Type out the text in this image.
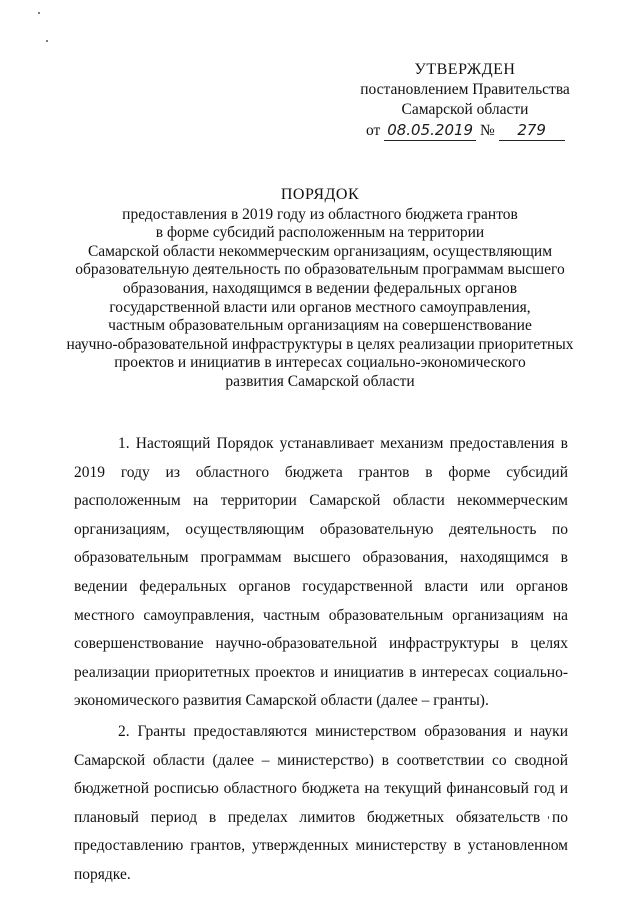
УТВЕРЖДЕН
постановлением Правительства
Самарской области
от 08.05.2019 № 279
ПОРЯДОК
предоставления в 2019 году из областного бюджета грантов
в форме субсидий расположенным на территории
Самарской области некоммерческим организациям, осуществляющим
образовательную деятельность по образовательным программам высшего
образования, находящимся в ведении федеральных органов
государственной власти или органов местного самоуправления,
частным образовательным организациям на совершенствование
научно-образовательной инфраструктуры в целях реализации приоритетных
проектов и инициатив в интересах социально-экономического
развития Самарской области

1. Настоящий Порядок устанавливает механизм предоставления в 2019 году из областного бюджета грантов в форме субсидий расположенным на территории Самарской области некоммерческим организациям, осуществляющим образовательную деятельность по образовательным программам высшего образования, находящимся в ведении федеральных органов государственной власти или органов местного самоуправления, частным образовательным организациям на совершенствование научно-образовательной инфраструктуры в целях реализации приоритетных проектов и инициатив в интересах социально-экономического развития Самарской области (далее – гранты).

2. Гранты предоставляются министерством образования и науки Самарской области (далее – министерство) в соответствии со сводной бюджетной росписью областного бюджета на текущий финансовый год и плановый период в пределах лимитов бюджетных обязательств по предоставлению грантов, утвержденных министерству в установленном порядке.
